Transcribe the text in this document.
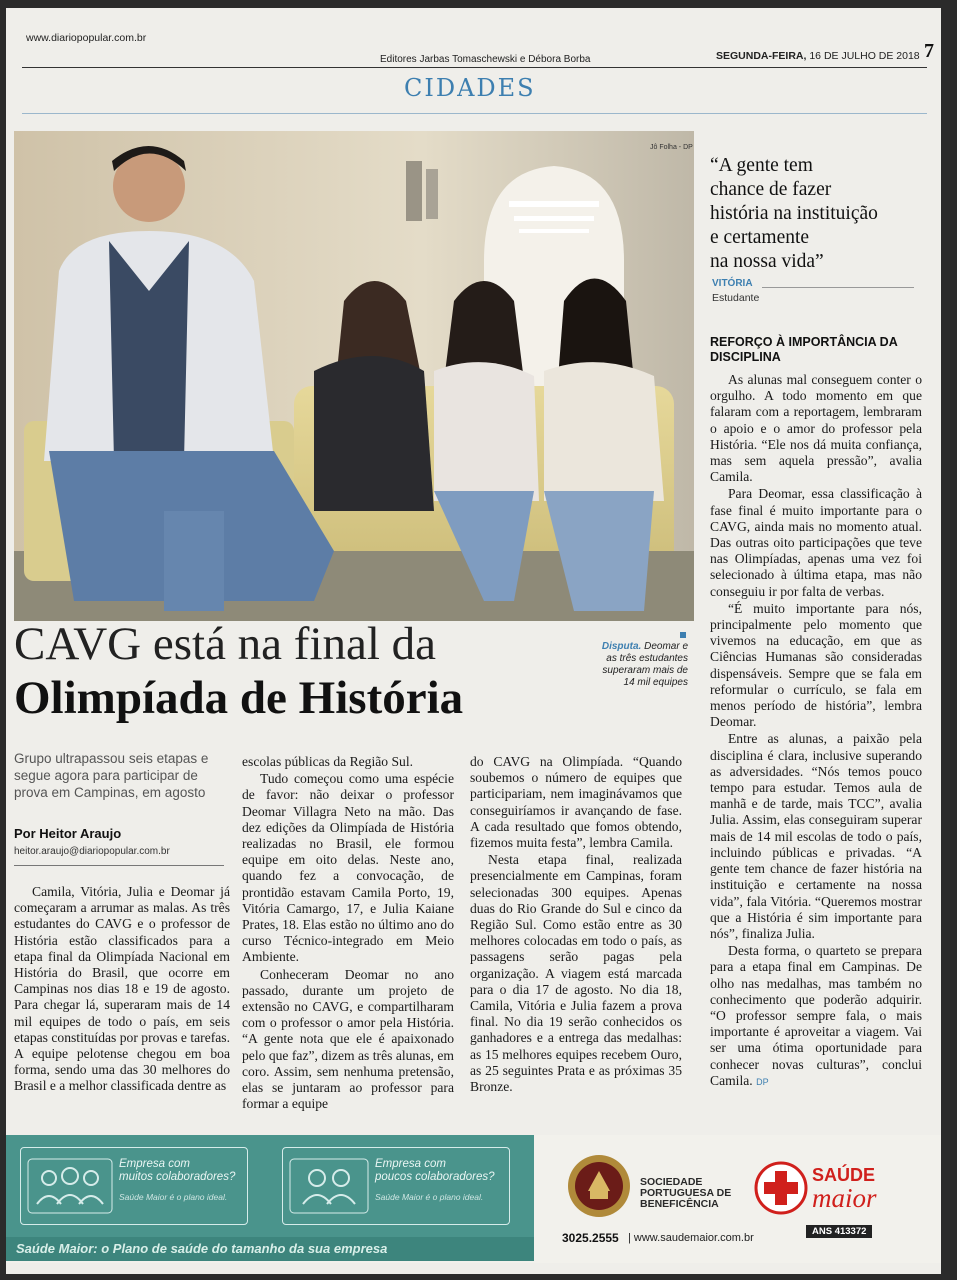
www.diariopopular.com.br
Editores Jarbas Tomaschewski e Débora Borba	SEGUNDA-FEIRA, 16 DE JULHO DE 2018 7
CIDADES
Jô Folha - DP
Disputa. Deomar e
as três estudantes
superaram mais de
14 mil equipes
CAVG está na final da
Olimpíada de História
Grupo ultrapassou seis etapas e
segue agora para participar de
prova em Campinas, em agosto
Por Heitor Araujo
heitor.araujo@diariopopular.com.br

Camila, Vitória, Julia e Deomar já começaram a arrumar as malas. As três estudantes do CAVG e o professor de História estão classificados para a etapa final da Olimpíada Nacional em História do Brasil, que ocorre em Campinas nos dias 18 e 19 de agosto. Para chegar lá, superaram mais de 14 mil equipes de todo o país, em seis etapas constituídas por provas e tarefas. A equipe pelotense chegou em boa forma, sendo uma das 30 melhores do Brasil e a melhor classificada dentre as

escolas públicas da Região Sul.

Tudo começou como uma espécie de favor: não deixar o professor Deomar Villagra Neto na mão. Das dez edições da Olimpíada de História realizadas no Brasil, ele formou equipe em oito delas. Neste ano, quando fez a convocação, de prontidão estavam Camila Porto, 19, Vitória Camargo, 17, e Julia Kaiane Prates, 18. Elas estão no último ano do curso Técnico-integrado em Meio Ambiente.

Conheceram Deomar no ano passado, durante um projeto de extensão no CAVG, e compartilharam com o professor o amor pela História. “A gente nota que ele é apaixonado pelo que faz”, dizem as três alunas, em coro. Assim, sem nenhuma pretensão, elas se juntaram ao professor para formar a equipe

do CAVG na Olimpíada. “Quando soubemos o número de equipes que participariam, nem imaginávamos que conseguiríamos ir avançando de fase. A cada resultado que fomos obtendo, fizemos muita festa”, lembra Camila.

Nesta etapa final, realizada presencialmente em Campinas, foram selecionadas 300 equipes. Apenas duas do Rio Grande do Sul e cinco da Região Sul. Como estão entre as 30 melhores colocadas em todo o país, as passagens serão pagas pela organização. A viagem está marcada para o dia 17 de agosto. No dia 18, Camila, Vitória e Julia fazem a prova final. No dia 19 serão conhecidos os ganhadores e a entrega das medalhas: as 15 melhores equipes recebem Ouro, as 25 seguintes Prata e as próximas 35 Bronze.

“A gente tem
chance de fazer
história na instituição
e certamente
na nossa vida”
VITÓRIA
Estudante
REFORÇO À IMPORTÂNCIA DA DISCIPLINA

As alunas mal conseguem conter o orgulho. A todo momento em que falaram com a reportagem, lembraram o apoio e o amor do professor pela História. “Ele nos dá muita confiança, mas sem aquela pressão”, avalia Camila.

Para Deomar, essa classificação à fase final é muito importante para o CAVG, ainda mais no momento atual. Das outras oito participações que teve nas Olimpíadas, apenas uma vez foi selecionado à última etapa, mas não conseguiu ir por falta de verbas.

“É muito importante para nós, principalmente pelo momento que vivemos na educação, em que as Ciências Humanas são consideradas dispensáveis. Sempre que se fala em reformular o currículo, se fala em menos período de história”, lembra Deomar.

Entre as alunas, a paixão pela disciplina é clara, inclusive superando as adversidades. “Nós temos pouco tempo para estudar. Temos aula de manhã e de tarde, mais TCC”, avalia Julia. Assim, elas conseguiram superar mais de 14 mil escolas de todo o país, incluindo públicas e privadas. “A gente tem chance de fazer história na instituição e certamente na nossa vida”, fala Vitória. “Queremos mostrar que a História é sim importante para nós”, finaliza Julia.

Desta forma, o quarteto se prepara para a etapa final em Campinas. De olho nas medalhas, mas também no conhecimento que poderão adquirir. “O professor sempre fala, o mais importante é aproveitar a viagem. Vai ser uma ótima oportunidade para conhecer novas culturas”, conclui Camila. DP

Empresa com
muitos colaboradores?
Saúde Maior é o plano ideal.
Empresa com
poucos colaboradores?
Saúde Maior é o plano ideal.
Saúde Maior: o Plano de saúde do tamanho da sua empresa
SOCIEDADE
PORTUGUESA DE
BENEFICÊNCIA
3025.2555 | www.saudemaior.com.br
SAÚDE
maior
ANS 413372
